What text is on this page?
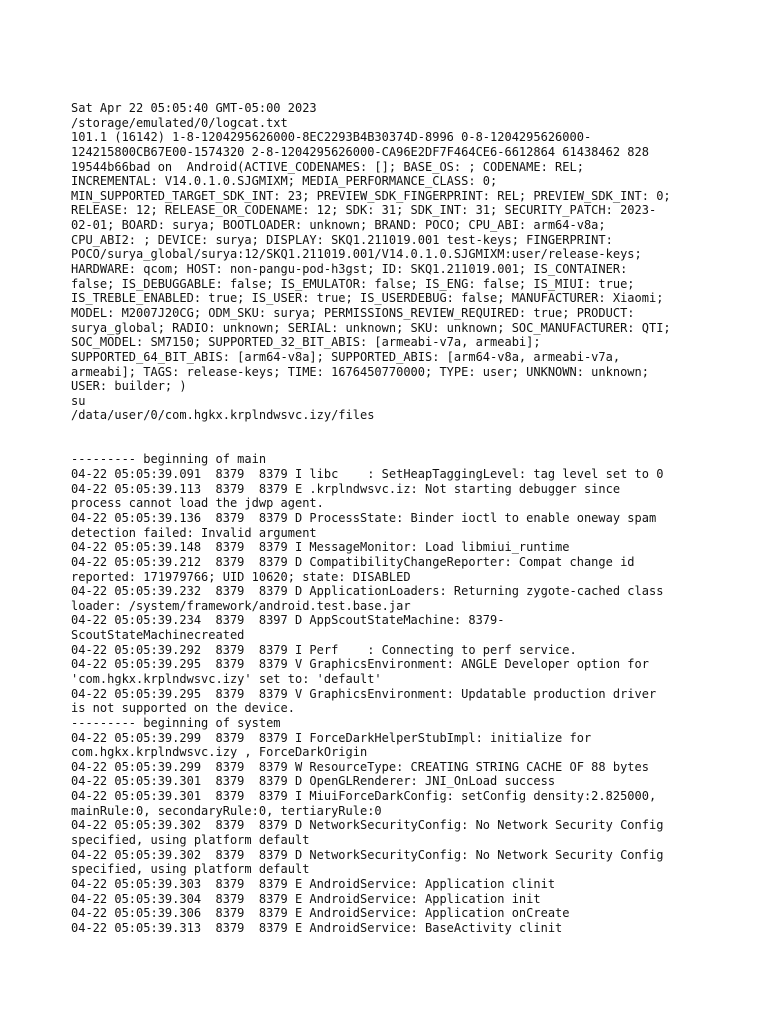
Sat Apr 22 05:05:40 GMT-05:00 2023
/storage/emulated/0/logcat.txt
101.1 (16142) 1-8-1204295626000-8EC2293B4B30374D-8996 0-8-1204295626000-
124215800CB67E00-1574320 2-8-1204295626000-CA96E2DF7F464CE6-6612864 61438462 828
19544b66bad on  Android(ACTIVE_CODENAMES: []; BASE_OS: ; CODENAME: REL;
INCREMENTAL: V14.0.1.0.SJGMIXM; MEDIA_PERFORMANCE_CLASS: 0;
MIN_SUPPORTED_TARGET_SDK_INT: 23; PREVIEW_SDK_FINGERPRINT: REL; PREVIEW_SDK_INT: 0;
RELEASE: 12; RELEASE_OR_CODENAME: 12; SDK: 31; SDK_INT: 31; SECURITY_PATCH: 2023-
02-01; BOARD: surya; BOOTLOADER: unknown; BRAND: POCO; CPU_ABI: arm64-v8a;
CPU_ABI2: ; DEVICE: surya; DISPLAY: SKQ1.211019.001 test-keys; FINGERPRINT:
POCO/surya_global/surya:12/SKQ1.211019.001/V14.0.1.0.SJGMIXM:user/release-keys;
HARDWARE: qcom; HOST: non-pangu-pod-h3gst; ID: SKQ1.211019.001; IS_CONTAINER:
false; IS_DEBUGGABLE: false; IS_EMULATOR: false; IS_ENG: false; IS_MIUI: true;
IS_TREBLE_ENABLED: true; IS_USER: true; IS_USERDEBUG: false; MANUFACTURER: Xiaomi;
MODEL: M2007J20CG; ODM_SKU: surya; PERMISSIONS_REVIEW_REQUIRED: true; PRODUCT:
surya_global; RADIO: unknown; SERIAL: unknown; SKU: unknown; SOC_MANUFACTURER: QTI;
SOC_MODEL: SM7150; SUPPORTED_32_BIT_ABIS: [armeabi-v7a, armeabi];
SUPPORTED_64_BIT_ABIS: [arm64-v8a]; SUPPORTED_ABIS: [arm64-v8a, armeabi-v7a,
armeabi]; TAGS: release-keys; TIME: 1676450770000; TYPE: user; UNKNOWN: unknown;
USER: builder; )
su
/data/user/0/com.hgkx.krplndwsvc.izy/files
--------- beginning of main
04-22 05:05:39.091  8379  8379 I libc    : SetHeapTaggingLevel: tag level set to 0
04-22 05:05:39.113  8379  8379 E .krplndwsvc.iz: Not starting debugger since
process cannot load the jdwp agent.
04-22 05:05:39.136  8379  8379 D ProcessState: Binder ioctl to enable oneway spam
detection failed: Invalid argument
04-22 05:05:39.148  8379  8379 I MessageMonitor: Load libmiui_runtime
04-22 05:05:39.212  8379  8379 D CompatibilityChangeReporter: Compat change id
reported: 171979766; UID 10620; state: DISABLED
04-22 05:05:39.232  8379  8379 D ApplicationLoaders: Returning zygote-cached class
loader: /system/framework/android.test.base.jar
04-22 05:05:39.234  8379  8397 D AppScoutStateMachine: 8379-
ScoutStateMachinecreated
04-22 05:05:39.292  8379  8379 I Perf    : Connecting to perf service.
04-22 05:05:39.295  8379  8379 V GraphicsEnvironment: ANGLE Developer option for
'com.hgkx.krplndwsvc.izy' set to: 'default'
04-22 05:05:39.295  8379  8379 V GraphicsEnvironment: Updatable production driver
is not supported on the device.
--------- beginning of system
04-22 05:05:39.299  8379  8379 I ForceDarkHelperStubImpl: initialize for
com.hgkx.krplndwsvc.izy , ForceDarkOrigin
04-22 05:05:39.299  8379  8379 W ResourceType: CREATING STRING CACHE OF 88 bytes
04-22 05:05:39.301  8379  8379 D OpenGLRenderer: JNI_OnLoad success
04-22 05:05:39.301  8379  8379 I MiuiForceDarkConfig: setConfig density:2.825000,
mainRule:0, secondaryRule:0, tertiaryRule:0
04-22 05:05:39.302  8379  8379 D NetworkSecurityConfig: No Network Security Config
specified, using platform default
04-22 05:05:39.302  8379  8379 D NetworkSecurityConfig: No Network Security Config
specified, using platform default
04-22 05:05:39.303  8379  8379 E AndroidService: Application clinit
04-22 05:05:39.304  8379  8379 E AndroidService: Application init
04-22 05:05:39.306  8379  8379 E AndroidService: Application onCreate
04-22 05:05:39.313  8379  8379 E AndroidService: BaseActivity clinit
